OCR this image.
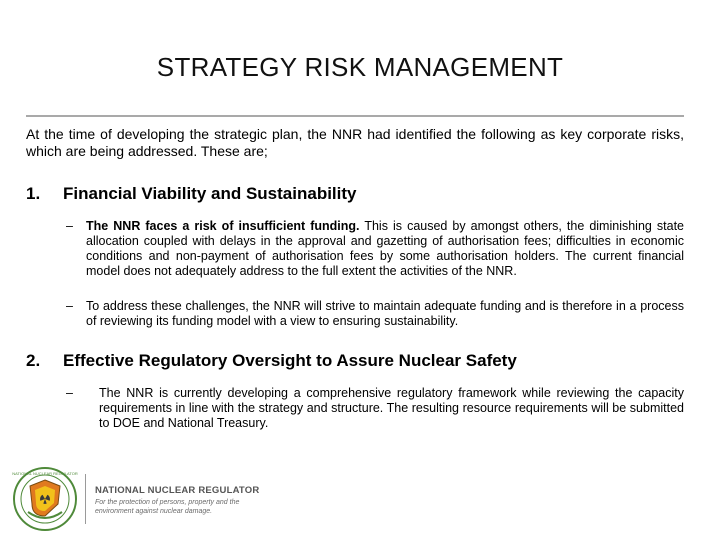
STRATEGY RISK MANAGEMENT
At the time of developing the strategic plan, the NNR had identified the following as key corporate risks, which are being addressed. These are;
1. Financial Viability and Sustainability
– The NNR faces a risk of insufficient funding. This is caused by amongst others, the diminishing state allocation coupled with delays in the approval and gazetting of authorisation fees; difficulties in economic conditions and non-payment of authorisation fees by some authorisation holders. The current financial model does not adequately address to the full extent the activities of the NNR.
– To address these challenges, the NNR will strive to maintain adequate funding and is therefore in a process of reviewing its funding model with a view to ensuring sustainability.
2. Effective Regulatory Oversight to Assure Nuclear Safety
– The NNR is currently developing a comprehensive regulatory framework while reviewing the capacity requirements in line with the strategy and structure. The resulting resource requirements will be submitted to DOE and National Treasury.
NATIONAL NUCLEAR REGULATOR
NATIONAL NUCLEAR REGULATOR
For the protection of persons, property and the environment against nuclear damage.
